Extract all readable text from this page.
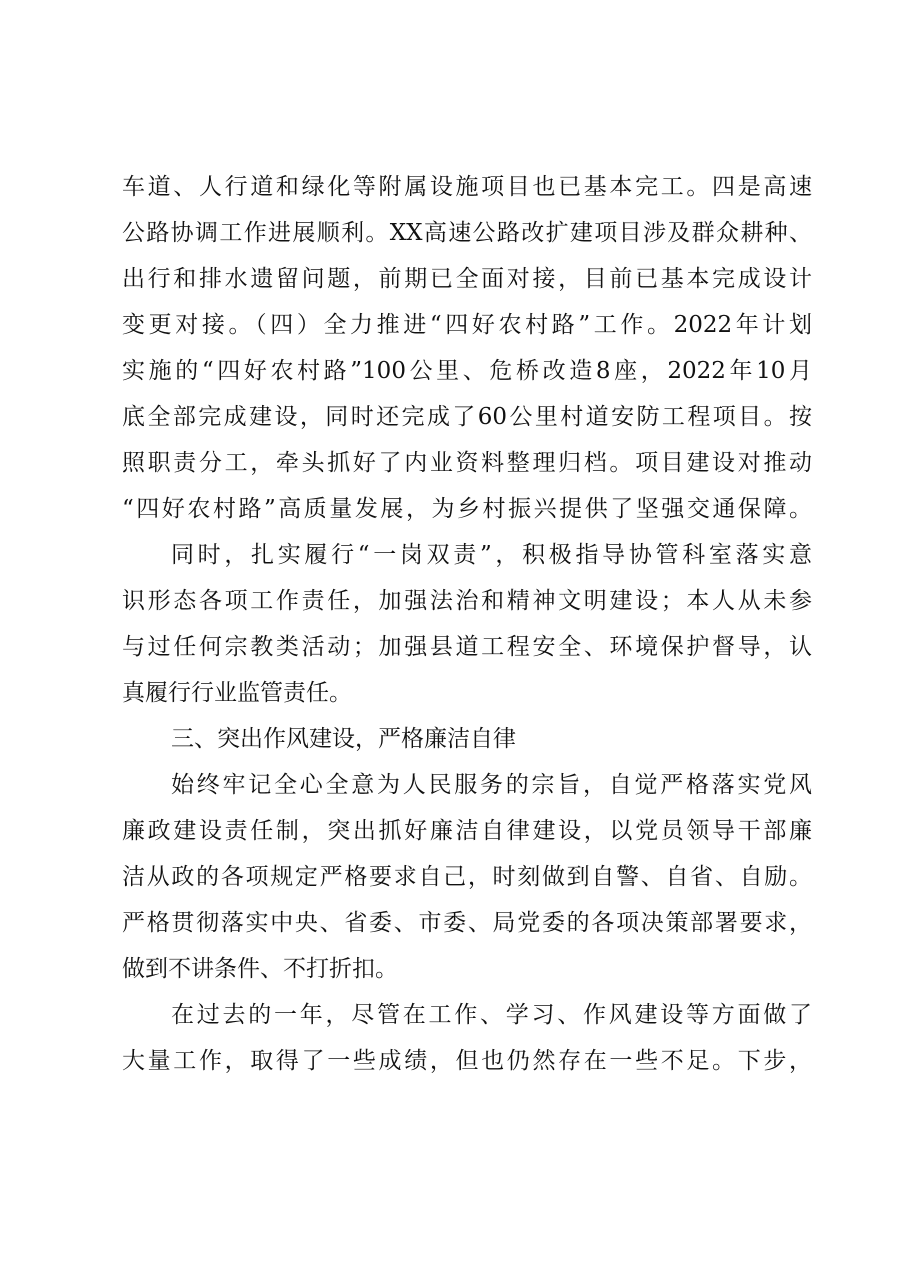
车道、人行道和绿化等附属设施项目也已基本完工。四是高速
公路协调工作进展顺利。XX高速公路改扩建项目涉及群众耕种、
出行和排水遗留问题，前期已全面对接，目前已基本完成设计
变更对接。（四）全力推进“四好农村路”工作。2022年计划
实施的“四好农村路”100公里、危桥改造8座，2022年10月
底全部完成建设，同时还完成了60公里村道安防工程项目。按
照职责分工，牵头抓好了内业资料整理归档。项目建设对推动
“四好农村路”高质量发展，为乡村振兴提供了坚强交通保障。
同时，扎实履行“一岗双责”，积极指导协管科室落实意
识形态各项工作责任，加强法治和精神文明建设；本人从未参
与过任何宗教类活动；加强县道工程安全、环境保护督导，认
真履行行业监管责任。
三、突出作风建设，严格廉洁自律
始终牢记全心全意为人民服务的宗旨，自觉严格落实党风
廉政建设责任制，突出抓好廉洁自律建设，以党员领导干部廉
洁从政的各项规定严格要求自己，时刻做到自警、自省、自励。
严格贯彻落实中央、省委、市委、局党委的各项决策部署要求，
做到不讲条件、不打折扣。
在过去的一年，尽管在工作、学习、作风建设等方面做了
大量工作，取得了一些成绩，但也仍然存在一些不足。下步，
